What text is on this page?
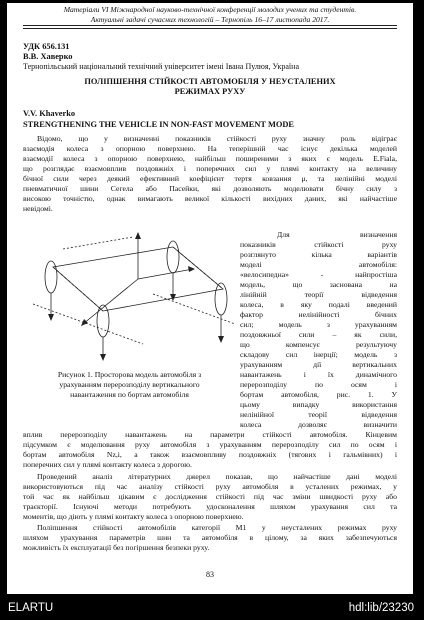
Матеріали VI Міжнародної науково-технічної конференції молодих учених та студентів.
Актуальні задачі сучасних технологій – Тернопіль 16–17 листопада 2017.
УДК 656.131
В.В. Хаверко
Тернопільський національний технічний університет імені Івана Пулюя, Україна
ПОЛІПШЕННЯ СТІЙКОСТІ АВТОМОБІЛЯ У НЕУСТАЛЕНИХ
РЕЖИМАХ РУХУ
V.V. Khaverko
STRENGTHENING THE VEHICLE IN NON-FAST MOVEMENT MODE
Відомо, що у визначенні показників стійкості руху значну роль відіграє
взаємодія колеса з опорною поверхнею. На теперішній час існує декілька моделей
взаємодії колеса з опорною поверхнею, найбільш поширеними з яких є модель E.Fiala,
що розглядає взаємовплив поздовжніх і поперечних сил у плямі контакту на величину
бічної сили через деякий ефективний коефіцієнт тертя ковзання μ, та нелінійні моделі
пневматичної шини Сегела або Пасейки, які дозволяють моделювати бічну силу з
високою точністю, однак вимагають великої кількості вихідних даних, які найчастіше
невідомі.
Рисунок 1. Просторова модель автомобіля з
урахуванням перерозподілу вертикального
навантаження по бортам автомобіля
Для визначення
показників стійкості руху
розглянуто кілька варіантів
моделі автомобіля:
«велосипедна» - найпростіша
модель, що заснована на
лінійній теорії відведення
колеса, в яку подалі введений
фактор нелінійності бічних
сил; модель з урахуванням
поздовжньої сили – як сили,
що компенсує результуючу
складову сил інерції; модель з
урахуванням дії вертикальних
навантажень і їх динамічного
перерозподілу по осям і
бортам автомобіля, рис. 1. У
цьому випадку використання
нелінійної теорії відведення
колеса дозволяє визначити
вплив перерозподілу навантажень на параметри стійкості автомобіля. Кінцевим
підсумком є моделювання руху автомобіля з урахуванням перерозподілу сил по осям і
бортам автомобіля Nz,i, а також взаємовпливу поздовжніх (тягових і гальмівних) і
поперечних сил у плямі контакту колеса з дорогою.
Проведений аналіз літературних джерел показав, що найчастіше дані моделі
використовуються під час аналізу стійкості руху автомобіля в усталених режимах, у
той час як найбільш цікавим є дослідження стійкості під час зміни швидкості руху або
траєкторії. Існуючі методи потребують удосконалення шляхом урахування сил та
моментів, що діють у плямі контакту колеса з опорною поверхнею.
Поліпшення стійкості автомобілів категорії М1 у неусталених режимах руху
шляхом урахування параметрів шин та автомобіля в цілому, за яких забезпечуються
можливість їх експлуатації без погіршення безпеки руху.
83
ELARTU	hdl:lib/23230
